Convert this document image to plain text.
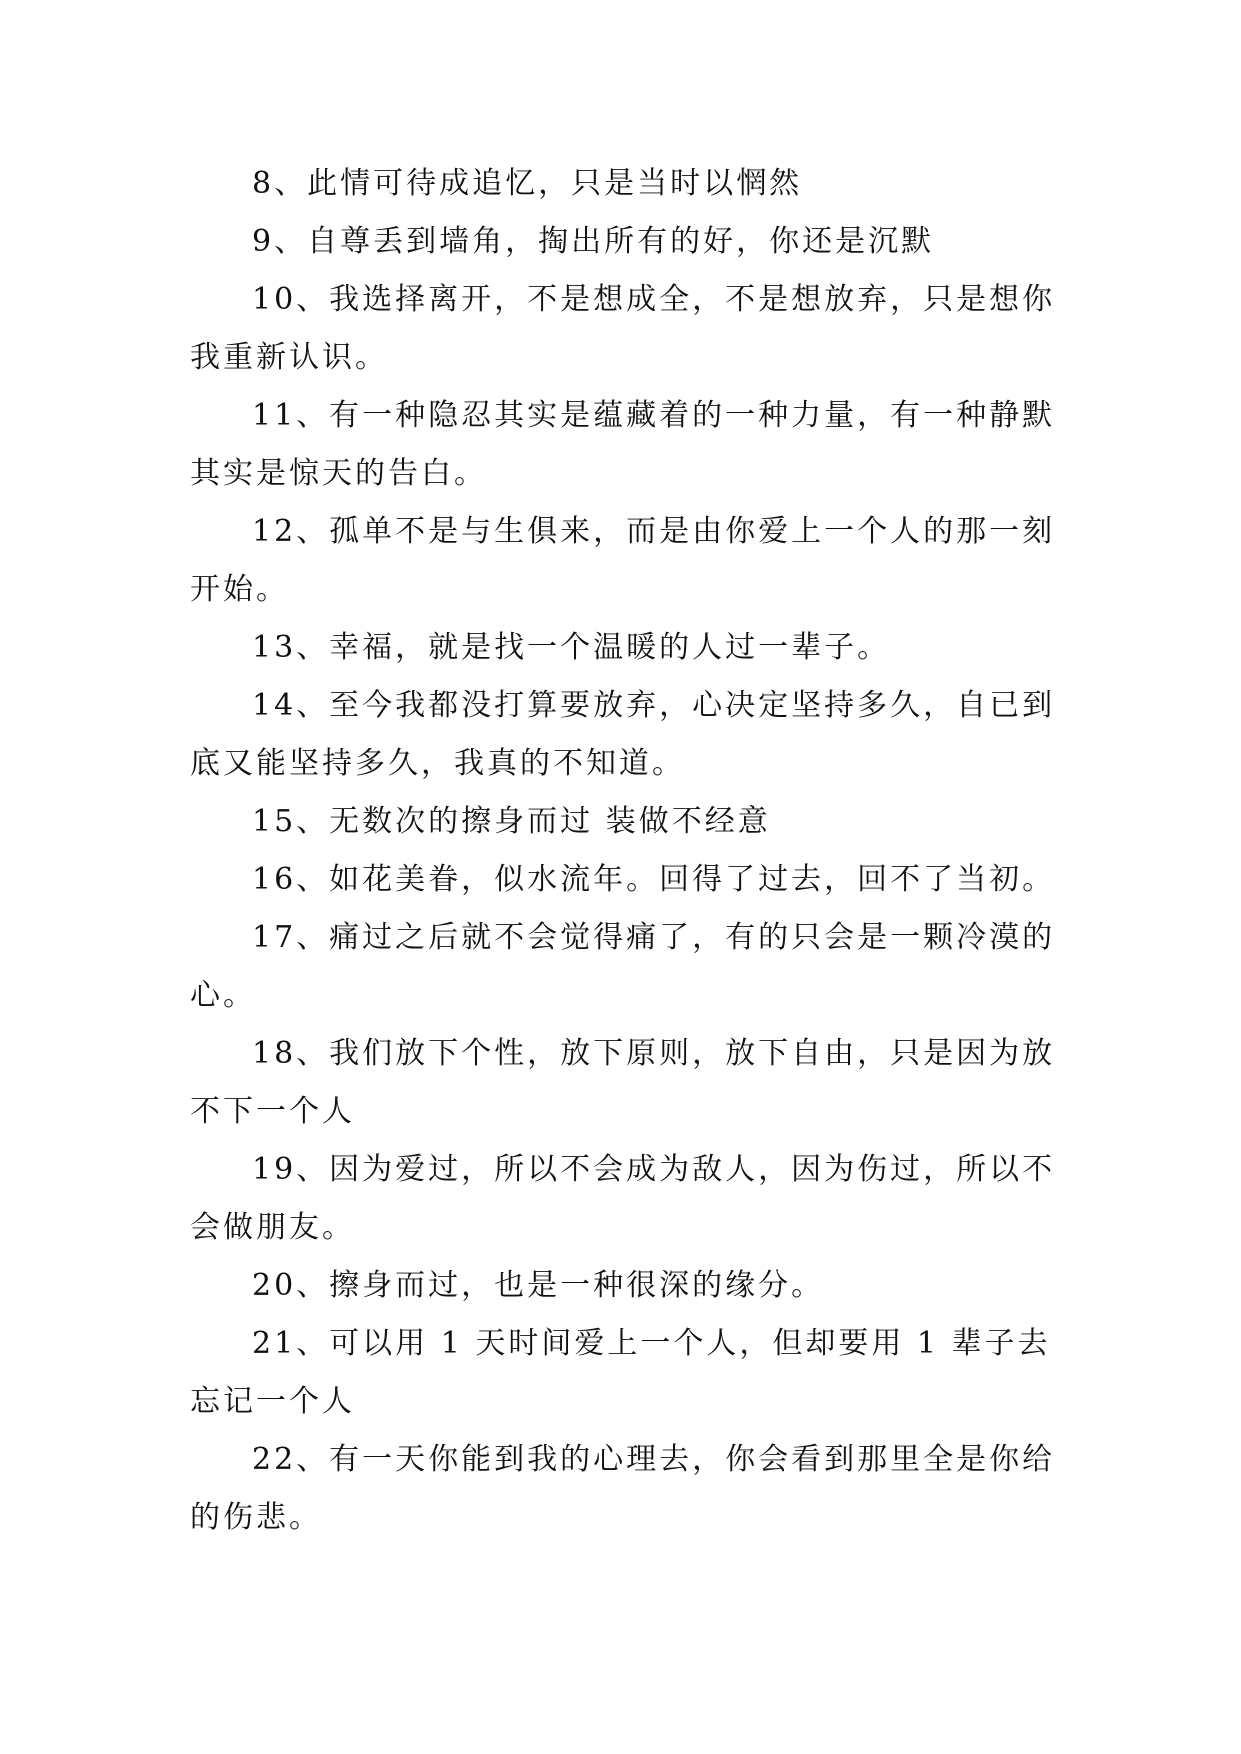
8、此情可待成追忆，只是当时以惘然

9、自尊丢到墙角，掏出所有的好，你还是沉默

10、我选择离开，不是想成全，不是想放弃，只是想你我重新认识。

11、有一种隐忍其实是蕴藏着的一种力量，有一种静默其实是惊天的告白。

12、孤单不是与生俱来，而是由你爱上一个人的那一刻开始。

13、幸福，就是找一个温暖的人过一辈子。

14、至今我都没打算要放弃，心决定坚持多久，自已到底又能坚持多久，我真的不知道。

15、无数次的擦身而过 装做不经意

16、如花美眷，似水流年。回得了过去，回不了当初。

17、痛过之后就不会觉得痛了，有的只会是一颗冷漠的心。

18、我们放下个性，放下原则，放下自由，只是因为放不下一个人

19、因为爱过，所以不会成为敌人，因为伤过，所以不会做朋友。

20、擦身而过，也是一种很深的缘分。

21、可以用 1 天时间爱上一个人，但却要用 1 辈子去忘记一个人

22、有一天你能到我的心理去，你会看到那里全是你给的伤悲。
